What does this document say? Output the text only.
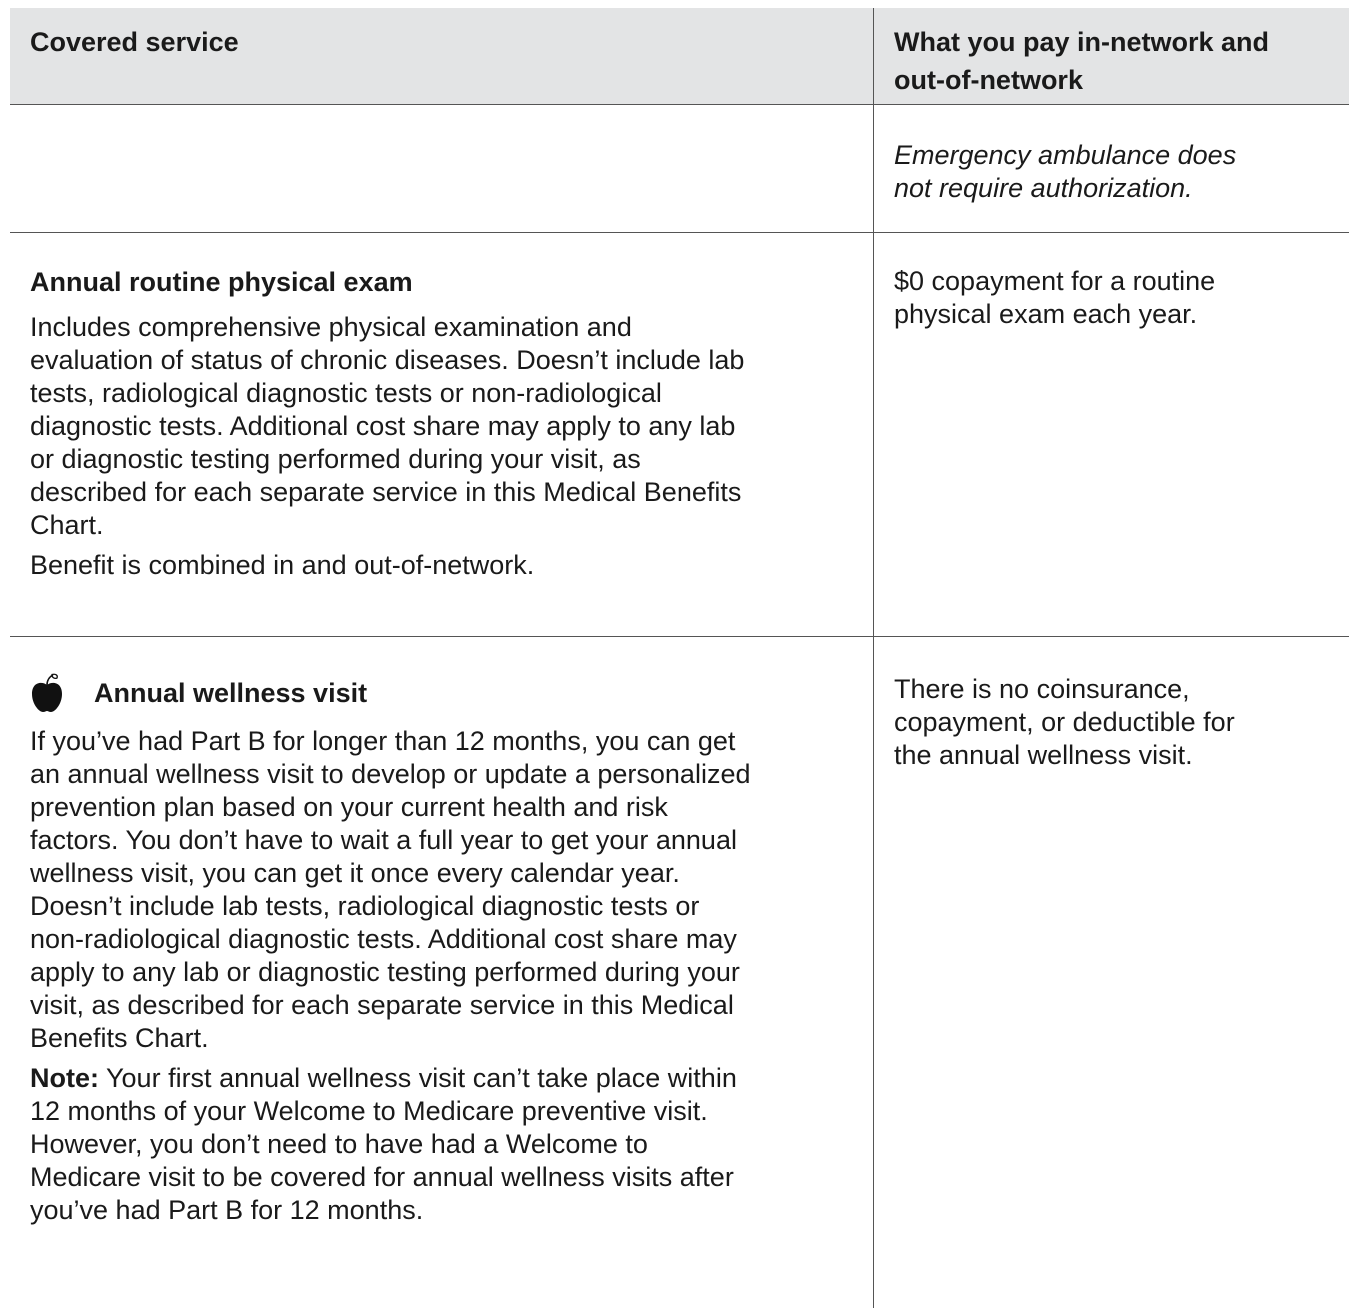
Covered service	What you pay in-network and
out-of-network

Emergency ambulance does

not require authorization.

Annual routine physical exam

Includes comprehensive physical examination and

evaluation of status of chronic diseases. Doesn’t include lab

tests, radiological diagnostic tests or non-radiological

diagnostic tests. Additional cost share may apply to any lab

or diagnostic testing performed during your visit, as

described for each separate service in this Medical Benefits

Chart.

Benefit is combined in and out-of-network.

$0 copayment for a routine

physical exam each year.

Annual wellness visit

If you’ve had Part B for longer than 12 months, you can get

an annual wellness visit to develop or update a personalized

prevention plan based on your current health and risk

factors. You don’t have to wait a full year to get your annual

wellness visit, you can get it once every calendar year.

Doesn’t include lab tests, radiological diagnostic tests or

non-radiological diagnostic tests. Additional cost share may

apply to any lab or diagnostic testing performed during your

visit, as described for each separate service in this Medical

Benefits Chart.

Note: Your first annual wellness visit can’t take place within

12 months of your Welcome to Medicare preventive visit.

However, you don’t need to have had a Welcome to

Medicare visit to be covered for annual wellness visits after

you’ve had Part B for 12 months.

There is no coinsurance,

copayment, or deductible for

the annual wellness visit.
